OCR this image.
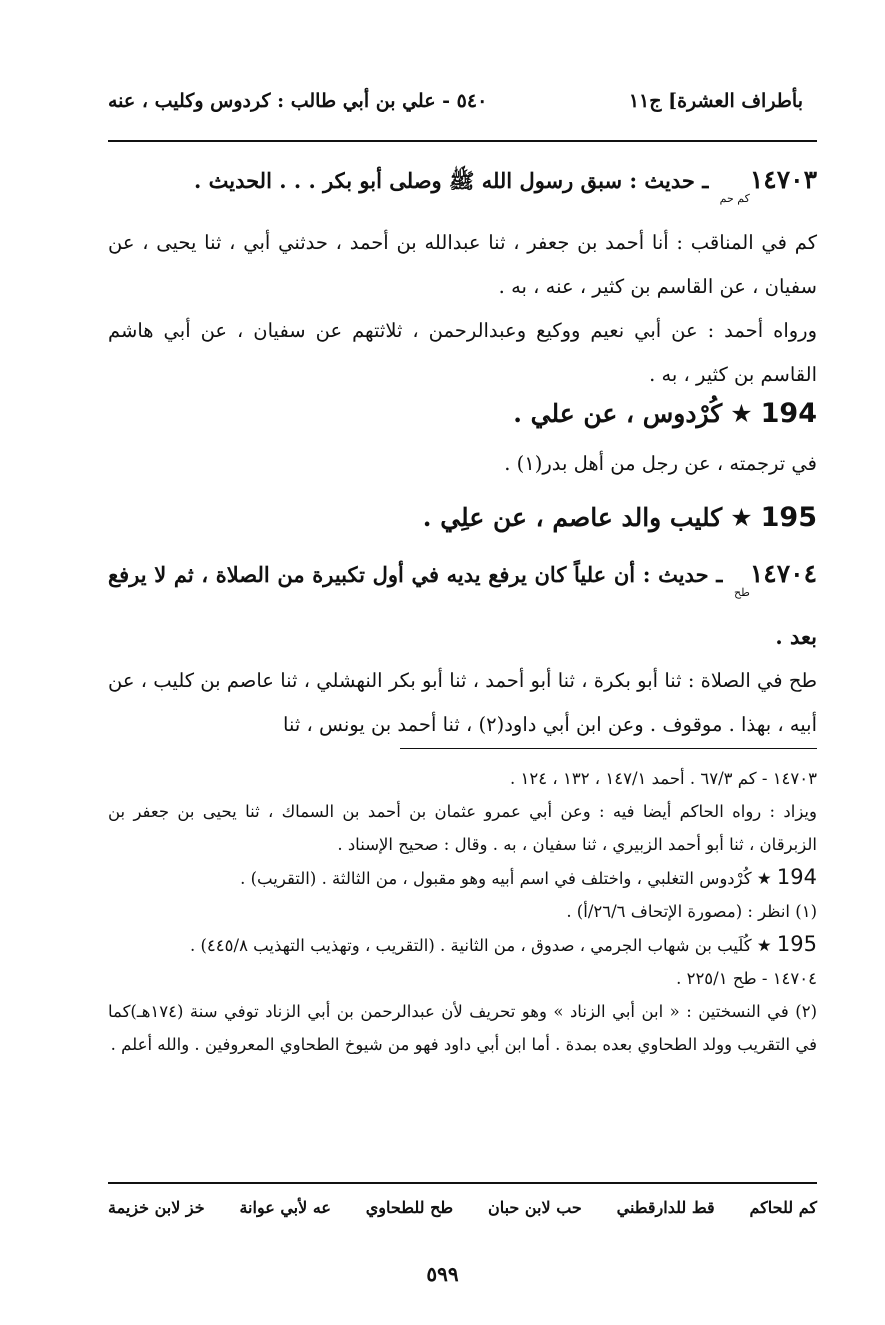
بأطراف العشرة] ج١١
٥٤٠ - علي بن أبي طالب : كردوس وكليب ، عنه
$١٤٧٠٣_{كم حم}$ ـ حديث : سبق رسول الله ﷺ وصلى أبو بكر . . . الحديث .
كم في المناقب : أنا أحمد بن جعفر ، ثنا عبدالله بن أحمد ، حدثني أبي ، ثنا يحيى ، عن سفيان ، عن القاسم بن كثير ، عنه ، به .
ورواه أحمد : عن أبي نعيم ووكيع وعبدالرحمن ، ثلاثتهم عن سفيان ، عن أبي هاشم القاسم بن كثير ، به .
194★كُرْدوس ، عن علي .
في ترجمته ، عن رجل من أهل بدر(١) .
195★كليب والد عاصم ، عن علِي .
$١٤٧٠٤_{طح}$ ـ حديث : أن علياً كان يرفع يديه في أول تكبيرة من الصلاة ، ثم لا يرفع بعد .
طح في الصلاة : ثنا أبو بكرة ، ثنا أبو أحمد ، ثنا أبو بكر النهشلي ، ثنا عاصم بن كليب ، عن أبيه ، بهذا . موقوف . وعن ابن أبي داود(٢) ، ثنا أحمد بن يونس ، ثنا
١٤٧٠٣ - كم ٦٧/٣ . أحمد ١٤٧/١ ، ١٣٢ ، ١٢٤ .
ويزاد : رواه الحاكم أيضا فيه : وعن أبي عمرو عثمان بن أحمد بن السماك ، ثنا يحيى بن جعفر بن الزبرقان ، ثنا أبو أحمد الزبيري ، ثنا سفيان ، به . وقال : صحيح الإسناد .
194 ★ كُرْدوس التغلبي ، واختلف في اسم أبيه وهو مقبول ، من الثالثة . (التقريب) .
(١) انظر : (مصورة الإتحاف ٢٦/٦/أ) .
195 ★ كُلَيب بن شهاب الجرمي ، صدوق ، من الثانية . (التقريب ، وتهذيب التهذيب ٤٤٥/٨) .
١٤٧٠٤ - طح ٢٢٥/١ .
(٢) في النسختين : « ابن أبي الزناد » وهو تحريف لأن عبدالرحمن بن أبي الزناد توفي سنة (١٧٤هـ)كما في التقريب وولد الطحاوي بعده بمدة . أما ابن أبي داود فهو من شيوخ الطحاوي المعروفين . والله أعلم .
كم للحاكم
قط للدارقطني
حب لابن حبان
طح للطحاوي
عه لأبي عوانة
خز لابن خزيمة
٥٩٩
